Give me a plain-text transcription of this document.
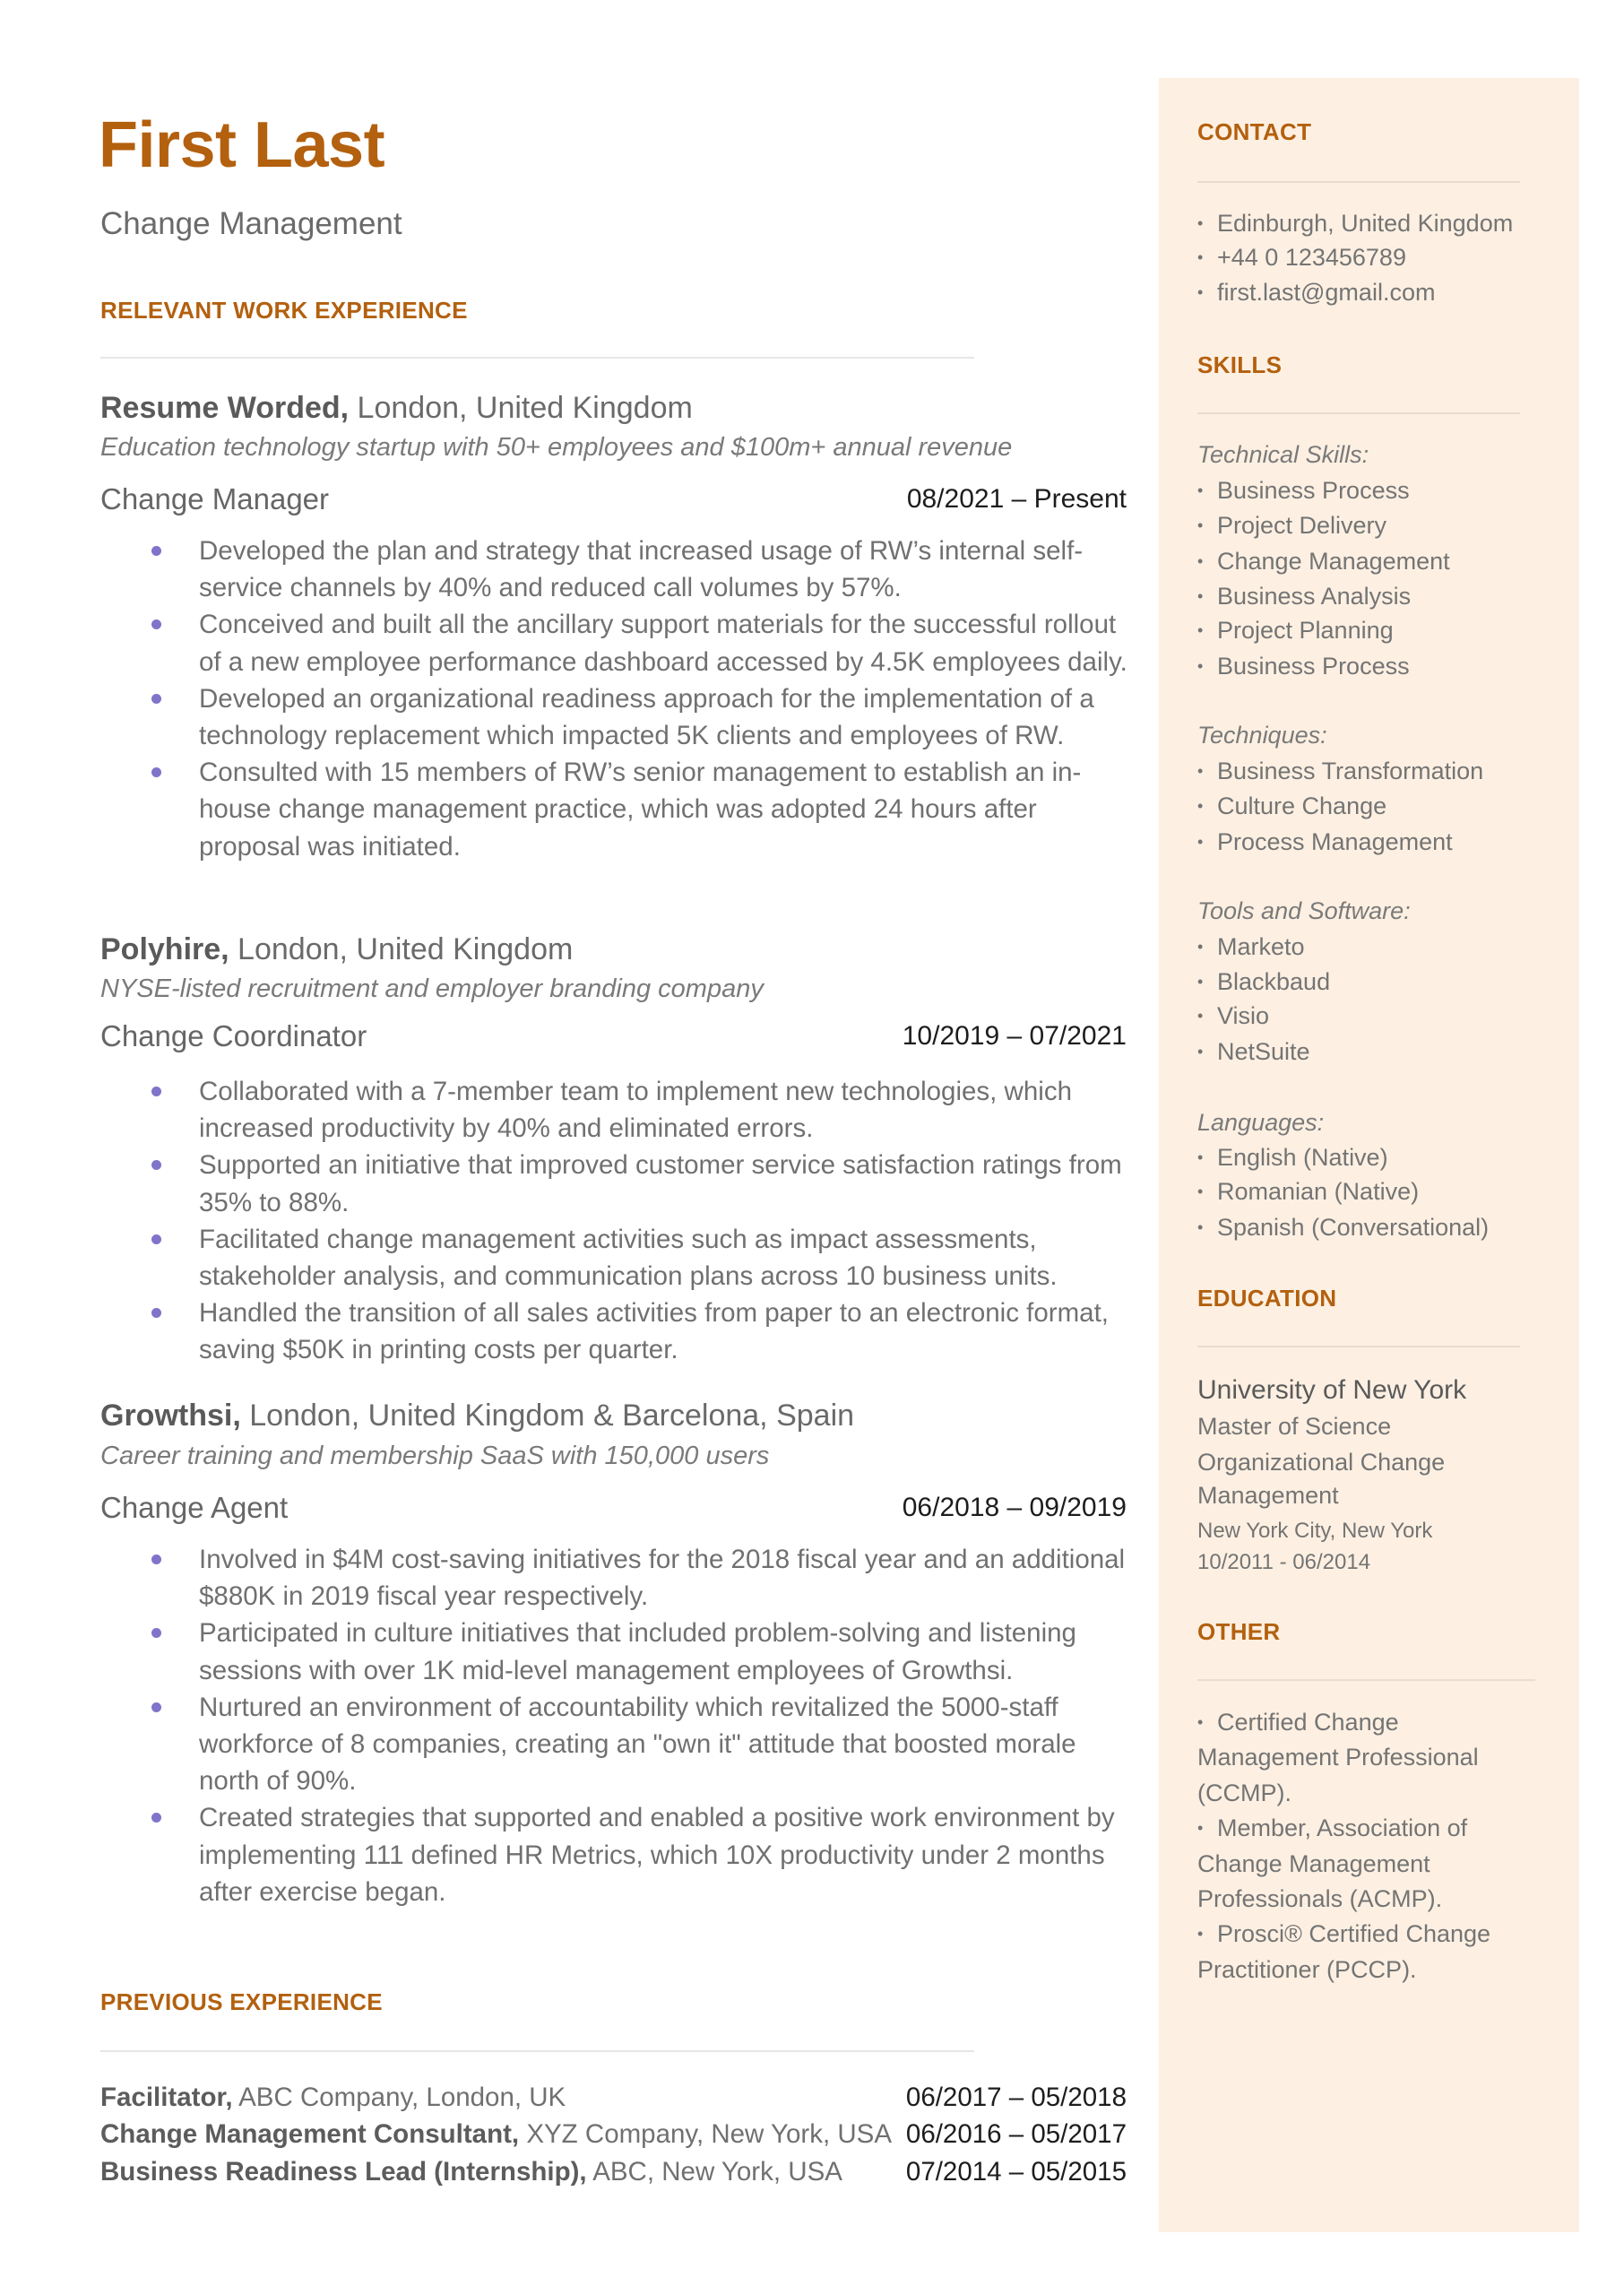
First Last
Change Management
RELEVANT WORK EXPERIENCE
Resume Worded, London, United Kingdom
Education technology startup with 50+ employees and $100m+ annual revenue
Change Manager	08/2021 – Present
Developed the plan and strategy that increased usage of RW’s internal self-service channels by 40% and reduced call volumes by 57%.
Conceived and built all the ancillary support materials for the successful rollout of a new employee performance dashboard accessed by 4.5K employees daily.
Developed an organizational readiness approach for the implementation of a technology replacement which impacted 5K clients and employees of RW.
Consulted with 15 members of RW’s senior management to establish an in-house change management practice, which was adopted 24 hours after proposal was initiated.
Polyhire, London, United Kingdom
NYSE-listed recruitment and employer branding company
Change Coordinator	10/2019 – 07/2021
Collaborated with a 7-member team to implement new technologies, which increased productivity by 40% and eliminated errors.
Supported an initiative that improved customer service satisfaction ratings from 35% to 88%.
Facilitated change management activities such as impact assessments, stakeholder analysis, and communication plans across 10 business units.
Handled the transition of all sales activities from paper to an electronic format, saving $50K in printing costs per quarter.
Growthsi, London, United Kingdom & Barcelona, Spain
Career training and membership SaaS with 150,000 users
Change Agent	06/2018 – 09/2019
Involved in $4M cost-saving initiatives for the 2018 fiscal year and an additional $880K in 2019 fiscal year respectively.
Participated in culture initiatives that included problem-solving and listening sessions with over 1K mid-level management employees of Growthsi.
Nurtured an environment of accountability which revitalized the 5000-staff workforce of 8 companies, creating an "own it" attitude that boosted morale north of 90%.
Created strategies that supported and enabled a positive work environment by implementing 111 defined HR Metrics, which 10X productivity under 2 months after exercise began.
PREVIOUS EXPERIENCE
Facilitator, ABC Company, London, UK	06/2017 – 05/2018
Change Management Consultant, XYZ Company, New York, USA 06/2016 – 05/2017
Business Readiness Lead (Internship), ABC, New York, USA 07/2014 – 05/2015
CONTACT
• Edinburgh, United Kingdom
• +44 0 123456789
• first.last@gmail.com
SKILLS
Technical Skills:
• Business Process
• Project Delivery
• Change Management
• Business Analysis
• Project Planning
• Business Process
Techniques:
• Business Transformation
• Culture Change
• Process Management
Tools and Software:
• Marketo
• Blackbaud
• Visio
• NetSuite
Languages:
• English (Native)
• Romanian (Native)
• Spanish (Conversational)
EDUCATION
University of New York
Master of Science
Organizational Change
Management
New York City, New York
10/2011 - 06/2014
OTHER

• Certified Change Management Professional (CCMP).

• Member, Association of Change Management Professionals (ACMP).

• Prosci® Certified Change Practitioner (PCCP).
